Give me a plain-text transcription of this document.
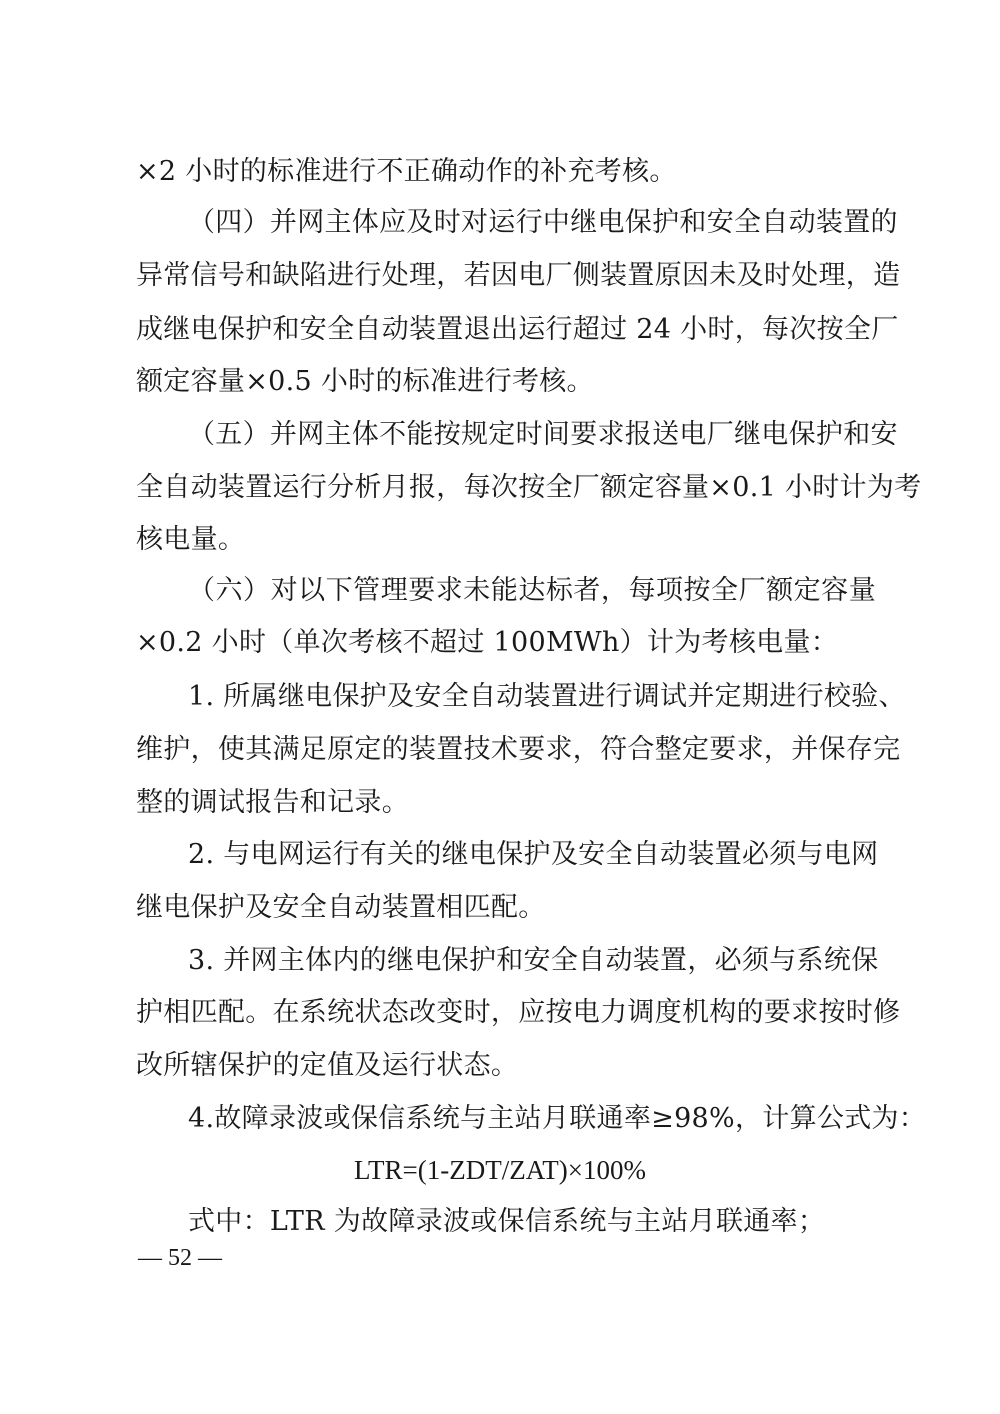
×2 小时的标准进行不正确动作的补充考核。
（四）并网主体应及时对运行中继电保护和安全自动装置的
异常信号和缺陷进行处理，若因电厂侧装置原因未及时处理，造
成继电保护和安全自动装置退出运行超过 24 小时，每次按全厂
额定容量×0.5 小时的标准进行考核。
（五）并网主体不能按规定时间要求报送电厂继电保护和安
全自动装置运行分析月报，每次按全厂额定容量×0.1 小时计为考
核电量。
（六）对以下管理要求未能达标者，每项按全厂额定容量
×0.2 小时（单次考核不超过 100MWh）计为考核电量：
1. 所属继电保护及安全自动装置进行调试并定期进行校验、
维护，使其满足原定的装置技术要求，符合整定要求，并保存完
整的调试报告和记录。
2. 与电网运行有关的继电保护及安全自动装置必须与电网
继电保护及安全自动装置相匹配。
3. 并网主体内的继电保护和安全自动装置，必须与系统保
护相匹配。在系统状态改变时，应按电力调度机构的要求按时修
改所辖保护的定值及运行状态。
4.故障录波或保信系统与主站月联通率≥98%，计算公式为：
LTR=(1-ZDT/ZAT)×100%
式中：LTR 为故障录波或保信系统与主站月联通率；
— 52 —
